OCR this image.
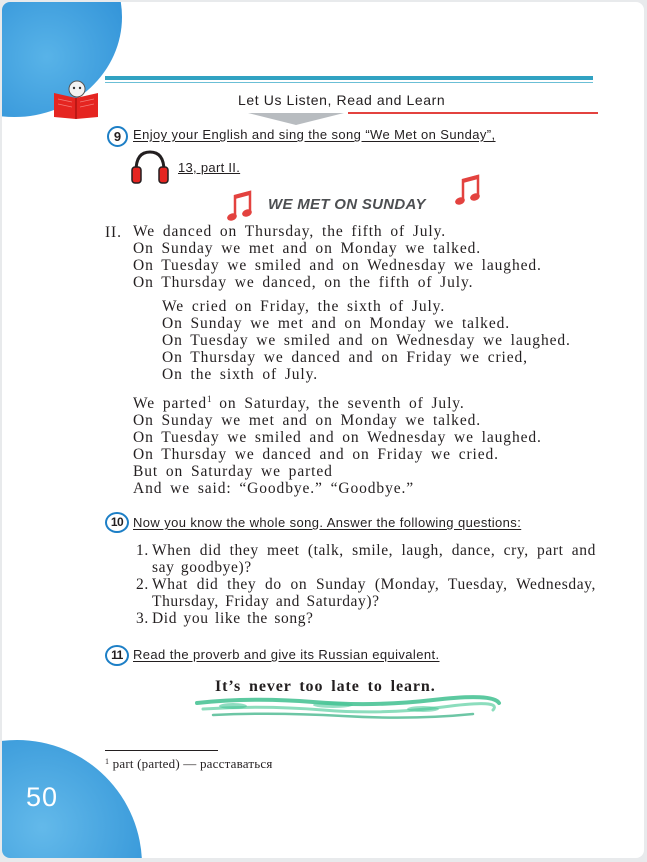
50
Let Us Listen, Read and Learn
9 Enjoy your English and sing the song “We Met on Sunday”,
13, part II.
WE MET ON SUNDAY
II. We danced on Thursday, the fifth of July.
On Sunday we met and on Monday we talked.
On Tuesday we smiled and on Wednesday we laughed.
On Thursday we danced, on the fifth of July.
We cried on Friday, the sixth of July.
On Sunday we met and on Monday we talked.
On Tuesday we smiled and on Wednesday we laughed.
On Thursday we danced and on Friday we cried,
On the sixth of July.
We parted$^1$ on Saturday, the seventh of July.
On Sunday we met and on Monday we talked.
On Tuesday we smiled and on Wednesday we laughed.
On Thursday we danced and on Friday we cried.
But on Saturday we parted
And we said: “Goodbye.” “Goodbye.”
10 Now you know the whole song. Answer the following questions:
1. When did they meet (talk, smile, laugh, dance, cry, part and say goodbye)?
2. What did they do on Sunday (Monday, Tuesday, Wednesday, Thursday, Friday and Saturday)?
3. Did you like the song?
11 Read the proverb and give its Russian equivalent.
It’s never too late to learn.
$^1$ part (parted) — расставаться
